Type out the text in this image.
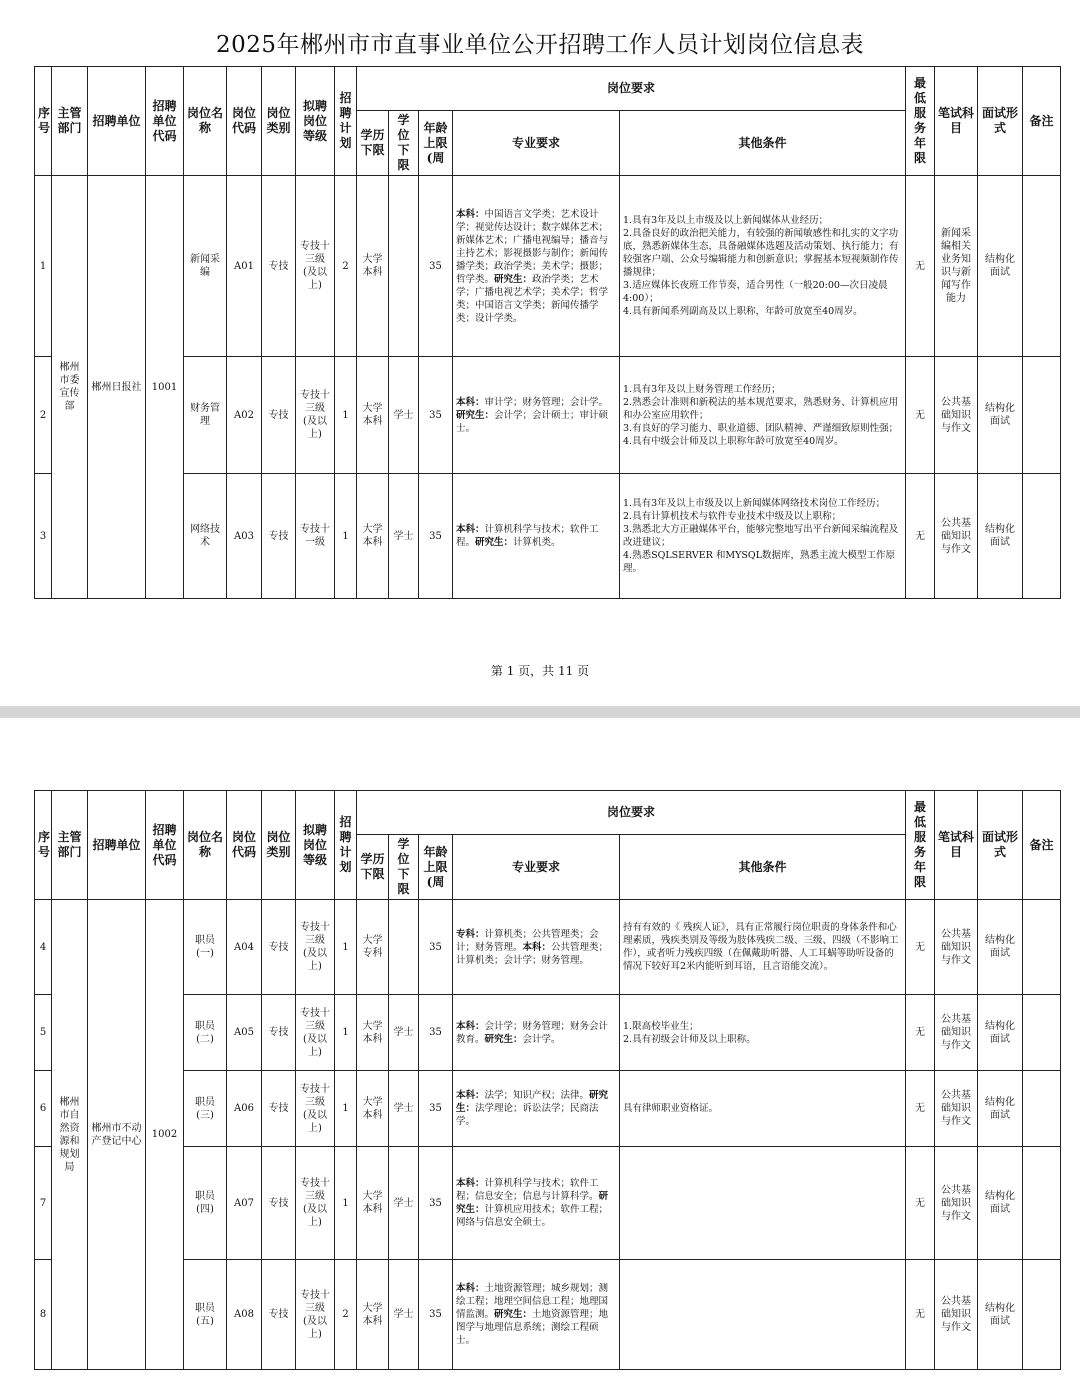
2025年郴州市市直事业单位公开招聘工作人员计划岗位信息表
序号	主管部门	招聘单位	招聘单位代码	岗位名称	岗位代码	岗位类别	拟聘岗位等级	招聘计划	岗位要求					最低服务年限	笔试科目	面试形式	备注
									学历下限	学位下限	年龄上限(周	专业要求	其他条件				
1	郴州市委宣传部	郴州日报社	1001	新闻采编	A01	专技	专技十三级(及以上)	2	大学本科		35	本科：中国语言文学类；艺术设计学；视觉传达设计；数字媒体艺术；新媒体艺术；广播电视编导；播音与主持艺术；影视摄影与制作；新闻传播学类；政治学类；美术学；摄影；哲学类。研究生：政治学类；艺术学；广播电视艺术学；美术学；哲学类；中国语言文学类；新闻传播学类；设计学类。	1.具有3年及以上市级及以上新闻媒体从业经历；
2.具备良好的政治把关能力，有较强的新闻敏感性和扎实的文字功底，熟悉新媒体生态，具备融媒体选题及活动策划、执行能力；有较强客户端、公众号编辑能力和创新意识；掌握基本短视频制作传播规律；
3.适应媒体长夜班工作节奏，适合男性（一般20:00—次日凌晨4:00）；
4.具有新闻系列副高及以上职称，年龄可放宽至40周岁。	无	新闻采编相关业务知识与新闻写作能力	结构化面试	
2				财务管理	A02	专技	专技十三级(及以上)	1	大学本科	学士	35	本科：审计学；财务管理；会计学。研究生：会计学；会计硕士；审计硕士。	1.具有3年及以上财务管理工作经历；
2.熟悉会计准则和新税法的基本规范要求，熟悉财务、计算机应用和办公室应用软件；
3.有良好的学习能力、职业道德、团队精神、严谨细致原则性强；
4.具有中级会计师及以上职称年龄可放宽至40周岁。	无	公共基础知识与作文	结构化面试	
3				网络技术	A03	专技	专技十一级	1	大学本科	学士	35	本科：计算机科学与技术；软件工程。研究生：计算机类。	1.具有3年及以上市级及以上新闻媒体网络技术岗位工作经历；
2.具有计算机技术与软件专业技术中级及以上职称；
3.熟悉北大方正融媒体平台，能够完整地写出平台新闻采编流程及改进建议；
4.熟悉SQLSERVER 和MYSQL数据库，熟悉主流大模型工作原理。	无	公共基础知识与作文	结构化面试	
第 1 页，共 11 页
序号	主管部门	招聘单位	招聘单位代码	岗位名称	岗位代码	岗位类别	拟聘岗位等级	招聘计划	岗位要求					最低服务年限	笔试科目	面试形式	备注
									学历下限	学位下限	年龄上限(周	专业要求	其他条件				
4	郴州市自然资源和规划局	郴州市不动产登记中心	1002	职员(一)	A04	专技	专技十三级(及以上)	1	大学专科		35	专科：计算机类；公共管理类；会计；财务管理。本科：公共管理类；计算机类；会计学；财务管理。	持有有效的《 残疾人证》，具有正常履行岗位职责的身体条件和心理素质，残疾类别及等级为肢体残疾二级、三级、四级（不影响工作），或者听力残疾四级（在佩戴助听器、人工耳蜗等助听设备的情况下较好耳2米内能听到耳语，且言语能交流）。	无	公共基础知识与作文	结构化面试	
5				职员(二)	A05	专技	专技十三级(及以上)	1	大学本科	学士	35	本科：会计学；财务管理；财务会计教育。研究生：会计学。	1.限高校毕业生；
2.具有初级会计师及以上职称。	无	公共基础知识与作文	结构化面试	
6				职员(三)	A06	专技	专技十三级(及以上)	1	大学本科	学士	35	本科：法学；知识产权；法律。研究生：法学理论；诉讼法学；民商法学。	具有律师职业资格证。	无	公共基础知识与作文	结构化面试	
7				职员(四)	A07	专技	专技十三级(及以上)	1	大学本科	学士	35	本科：计算机科学与技术；软件工程；信息安全；信息与计算科学。研究生：计算机应用技术；软件工程；网络与信息安全硕士。		无	公共基础知识与作文	结构化面试	
8				职员(五)	A08	专技	专技十三级(及以上)	2	大学本科	学士	35	本科：土地资源管理；城乡规划；测绘工程；地理空间信息工程；地理国情监测。研究生：土地资源管理；地图学与地理信息系统；测绘工程硕士。		无	公共基础知识与作文	结构化面试	
